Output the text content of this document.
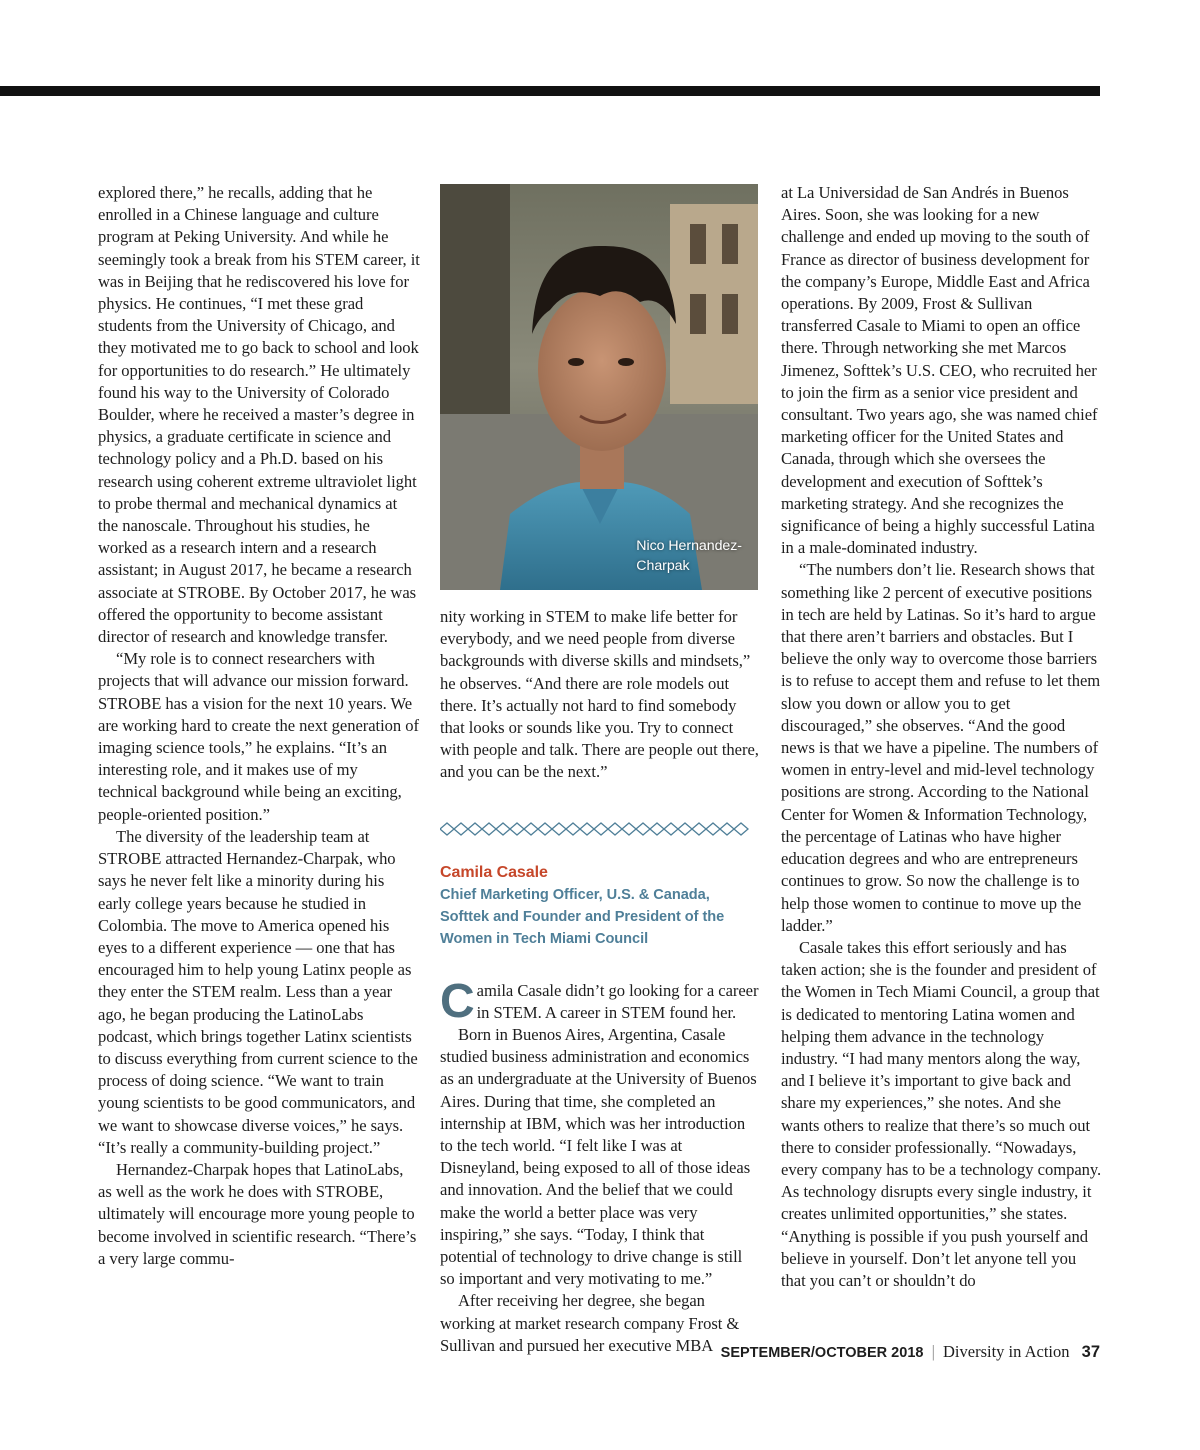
explored there,” he recalls, adding that he enrolled in a Chinese language and culture program at Peking University. And while he seemingly took a break from his STEM career, it was in Beijing that he rediscovered his love for physics. He continues, “I met these grad students from the University of Chicago, and they motivated me to go back to school and look for opportunities to do research.” He ultimately found his way to the University of Colorado Boulder, where he received a master’s degree in physics, a graduate certificate in science and technology policy and a Ph.D. based on his research using coherent extreme ultraviolet light to probe thermal and mechanical dynamics at the nanoscale. Throughout his studies, he worked as a research intern and a research assistant; in August 2017, he became a research associate at STROBE. By October 2017, he was offered the opportunity to become assistant director of research and knowledge transfer.

“My role is to connect researchers with projects that will advance our mission forward. STROBE has a vision for the next 10 years. We are working hard to create the next generation of imaging science tools,” he explains. “It’s an interesting role, and it makes use of my technical background while being an exciting, people-oriented position.”

The diversity of the leadership team at STROBE attracted Hernandez-Charpak, who says he never felt like a minority during his early college years because he studied in Colombia. The move to America opened his eyes to a different experience — one that has encouraged him to help young Latinx people as they enter the STEM realm. Less than a year ago, he began producing the LatinoLabs podcast, which brings together Latinx scientists to discuss everything from current science to the process of doing science. “We want to train young scientists to be good communicators, and we want to showcase diverse voices,” he says. “It’s really a community-building project.”

Hernandez-Charpak hopes that LatinoLabs, as well as the work he does with STROBE, ultimately will encourage more young people to become involved in scientific research. “There’s a very large commu-

Nico Hernandez-
Charpak

nity working in STEM to make life better for everybody, and we need people from diverse backgrounds with diverse skills and mindsets,” he observes. “And there are role models out there. It’s actually not hard to find somebody that looks or sounds like you. Try to connect with people and talk. There are people out there, and you can be the next.”

Camila Casale

Chief Marketing Officer, U.S. & Canada, Softtek and Founder and President of the Women in Tech Miami Council

Camila Casale didn’t go looking for a career in STEM. A career in STEM found her.

Born in Buenos Aires, Argentina, Casale studied business administration and economics as an undergraduate at the University of Buenos Aires. During that time, she completed an internship at IBM, which was her introduction to the tech world. “I felt like I was at Disneyland, being exposed to all of those ideas and innovation. And the belief that we could make the world a better place was very inspiring,” she says. “Today, I think that potential of technology to drive change is still so important and very motivating to me.”

After receiving her degree, she began working at market research company Frost & Sullivan and pursued her executive MBA

at La Universidad de San Andrés in Buenos Aires. Soon, she was looking for a new challenge and ended up moving to the south of France as director of business development for the company’s Europe, Middle East and Africa operations. By 2009, Frost & Sullivan transferred Casale to Miami to open an office there. Through networking she met Marcos Jimenez, Softtek’s U.S. CEO, who recruited her to join the firm as a senior vice president and consultant. Two years ago, she was named chief marketing officer for the United States and Canada, through which she oversees the development and execution of Softtek’s marketing strategy. And she recognizes the significance of being a highly successful Latina in a male-dominated industry.

“The numbers don’t lie. Research shows that something like 2 percent of executive positions in tech are held by Latinas. So it’s hard to argue that there aren’t barriers and obstacles. But I believe the only way to overcome those barriers is to refuse to accept them and refuse to let them slow you down or allow you to get discouraged,” she observes. “And the good news is that we have a pipeline. The numbers of women in entry-level and mid-level technology positions are strong. According to the National Center for Women & Information Technology, the percentage of Latinas who have higher education degrees and who are entrepreneurs continues to grow. So now the challenge is to help those women to continue to move up the ladder.”

Casale takes this effort seriously and has taken action; she is the founder and president of the Women in Tech Miami Council, a group that is dedicated to mentoring Latina women and helping them advance in the technology industry. “I had many mentors along the way, and I believe it’s important to give back and share my experiences,” she notes. And she wants others to realize that there’s so much out there to consider professionally. “Nowadays, every company has to be a technology company. As technology disrupts every single industry, it creates unlimited opportunities,” she states. “Anything is possible if you push yourself and believe in yourself. Don’t let anyone tell you that you can’t or shouldn’t do

SEPTEMBER/OCTOBER 2018 | Diversity in Action 37
